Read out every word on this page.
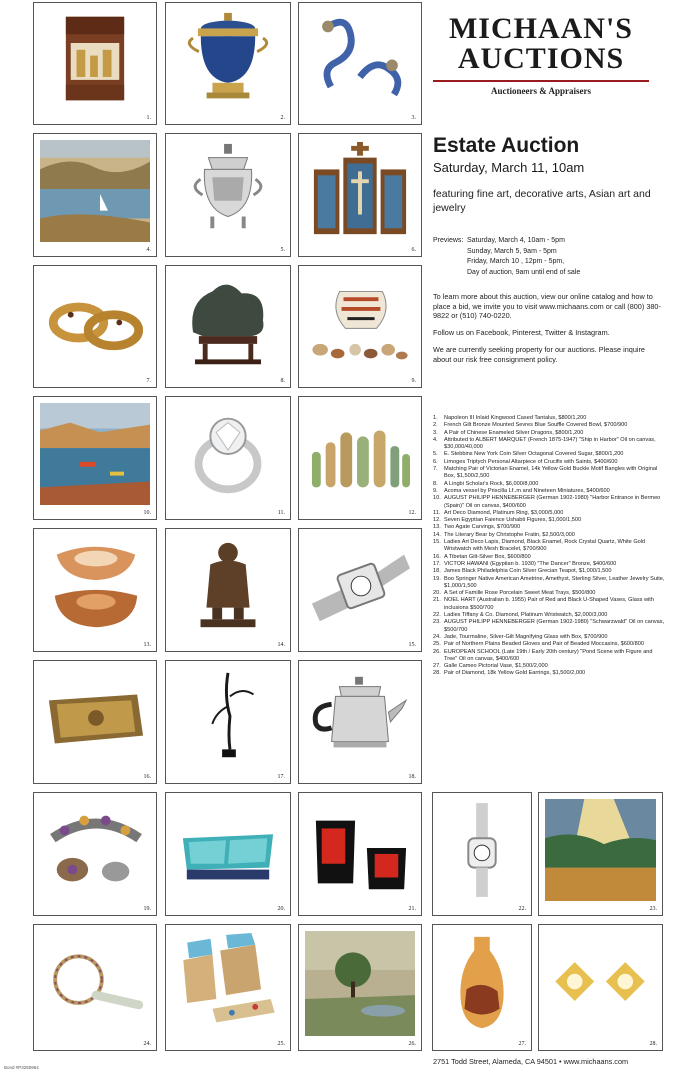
1.	2.	3.
4.	5.	6.
7.	8.	9.
10.	11.	12.
13.	14.	15.
16.	17.	18.
19.	20.	21.	22.	23.
24.	25.	26.	27.	28.
MICHAAN'S
AUCTIONS
Auctioneers & Appraisers
Estate Auction
Saturday, March 11, 10am
featuring fine art, decorative arts, Asian art and jewelry
Previews: Saturday, March 4, 10am - 5pm
Sunday, March 5, 9am - 5pm
Friday, March 10 , 12pm - 5pm,
Day of auction, 9am until end of sale
To learn more about this auction, view our online catalog and how to place a bid, we invite you to visit www.michaans.com or call (800) 380-9822 or (510) 740-0220.
Follow us on Facebook, Pinterest, Twitter & Instagram.
We are currently seeking property for our auctions. Please inquire about our risk free consignment policy.
1.	Napoleon III Inlaid Kingwood Cased Tantalus, $800/1,200
2.	French Gilt Bronze Mounted Sevres Blue Souffle Covered Bowl, $700/900
3.	A Pair of Chinese Enameled Silver Dragons, $800/1,200
4.	Attributed to ALBERT MARQUET (French 1875-1947) "Ship in Harbor" Oil on canvas, $30,000/40,000
5.	E. Stebbins New York Coin Silver Octagonal Covered Sugar, $800/1,200
6.	Limoges Triptych Personal Altarpiece of Crucifix with Saints, $400/600
7.	Matching Pair of Victorian Enamel, 14k Yellow Gold Buckle Motif Bangles with Original Box, $1,500/2,500
8.	A Lingbi Scholar's Rock, $6,000/8,000
9.	Acoma vessel by Priscilla Lf..m and Nineteen Miniatures, $400/600
10. AUGUST PHILIPP HENNEBERGER (German 1902-1980) "Harbor Entrance in Bermeo (Spain)" Oil on canvas, $400/600
11. Art Deco Diamond, Platinum Ring, $3,000/5,000
12. Seven Egyptian Faience Ushabti Figures, $1,000/1,500
13. Two Agate Carvings, $700/900
14. The Literary Bear by Christophe Fratin, $2,500/3,000
15. Ladies Art Deco Lapis, Diamond, Black Enamel, Rock Crystal Quartz, White Gold Wristwatch with Mesh Bracelet, $700/900
16. A Tibetan Gilt-Silver Box, $600/800
17. VICTOR HAWANI (Egyptian b. 1930) "The Dancer" Bronze, $400/600
18. James Black Philadelphia Coin Silver Grecian Teapot, $1,000/1,500
19. Boo Springer Native American Ametrine, Amethyst, Sterling Silver, Leather Jewelry Suite, $1,000/1,500
20. A Set of Famille Rose Porcelain Sweet Meat Trays, $500/800
21. NOEL HART (Australian b. 1955) Pair of Red and Black U-Shaped Vases, Glass with inclusions $500/700
22. Ladies Tiffany & Co. Diamond, Platinum Wristwatch, $2,000/3,000
23. AUGUST PHILIPP HENNEBERGER (German 1902-1980) "Schwarzwald" Oil on canvas, $500/700
24. Jade, Tourmaline, Silver-Gilt Magnifying Glass with Box, $700/900
25. Pair of Northern Plains Beaded Gloves and Pair of Beaded Moccasins, $600/800
26. EUROPEAN SCHOOL (Late 19th / Early 20th century) "Pond Scene with Figure and Tree" Oil on canvas, $400/600
27. Galle Cameo Pictorial Vase, $1,500/2,000
28. Pair of Diamond, 18k Yellow Gold Earrings, $1,500/2,000
2751 Todd Street, Alameda, CA 94501 • www.michaans.com
Bond #P3250964
